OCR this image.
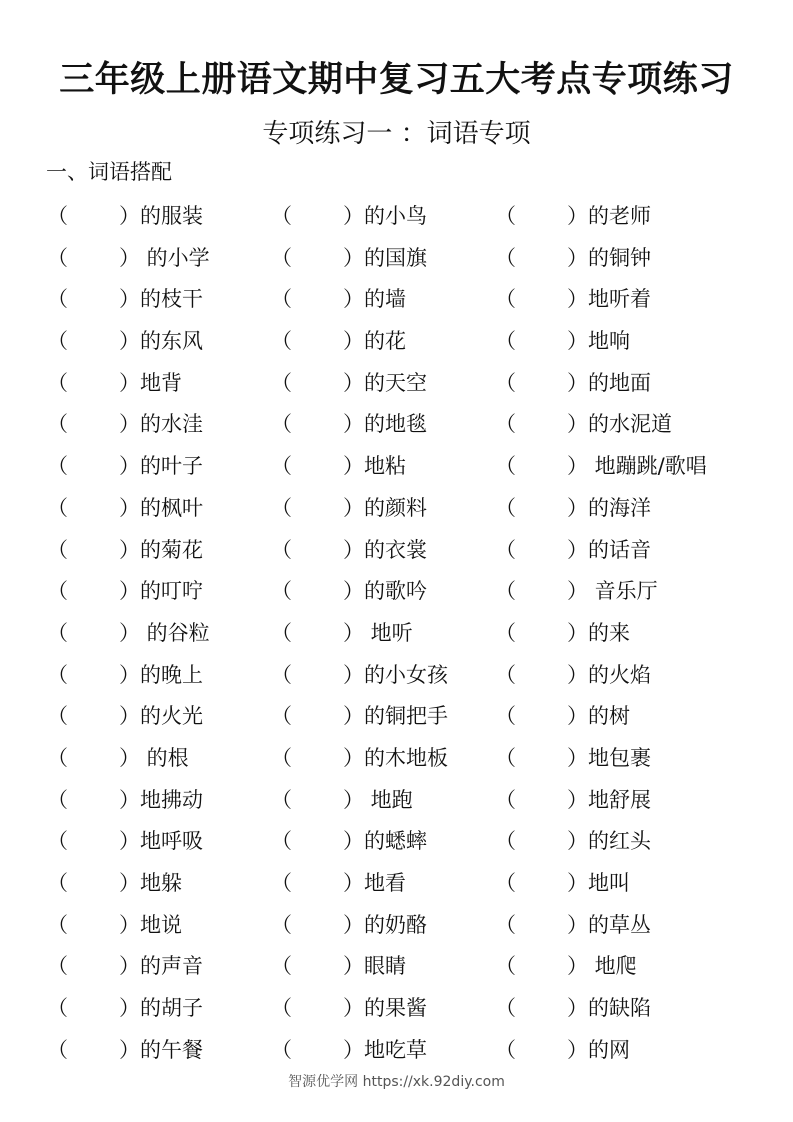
三年级上册语文期中复习五大考点专项练习
专项练习一 ：词语专项
一、词语搭配
（ ） 的服装	（ ） 的小鸟	（ ） 的老师
（ ） 的小学	（ ） 的国旗	（ ） 的铜钟
（ ） 的枝干	（ ） 的墙	（ ） 地听着
（ ） 的东风	（ ） 的花	（ ） 地响
（ ） 地背	（ ） 的天空	（ ） 的地面
（ ） 的水洼	（ ） 的地毯	（ ） 的水泥道
（ ） 的叶子	（ ） 地粘	（ ） 地蹦跳/歌唱
（ ） 的枫叶	（ ） 的颜料	（ ） 的海洋
（ ） 的菊花	（ ） 的衣裳	（ ） 的话音
（ ） 的叮咛	（ ） 的歌吟	（ ） 音乐厅
（ ） 的谷粒	（ ） 地听	（ ） 的来
（ ） 的晚上	（ ） 的小女孩 （ ） 的火焰
（ ） 的火光	（ ） 的铜把手 （ ） 的树
（ ） 的根	（ ） 的木地板 （ ） 地包裹
（ ） 地拂动	（ ） 地跑	（ ） 地舒展
（ ） 地呼吸	（ ） 的蟋蟀	（ ） 的红头
（ ） 地躲	（ ） 地看	（ ） 地叫
（ ） 地说	（ ） 的奶酪	（ ） 的草丛
（ ） 的声音	（ ） 眼睛	（ ） 地爬
（ ） 的胡子	（ ） 的果酱	（ ） 的缺陷
（ ） 的午餐	（ ） 地吃草	（ ） 的网
智源优学网 https://xk.92diy.com
